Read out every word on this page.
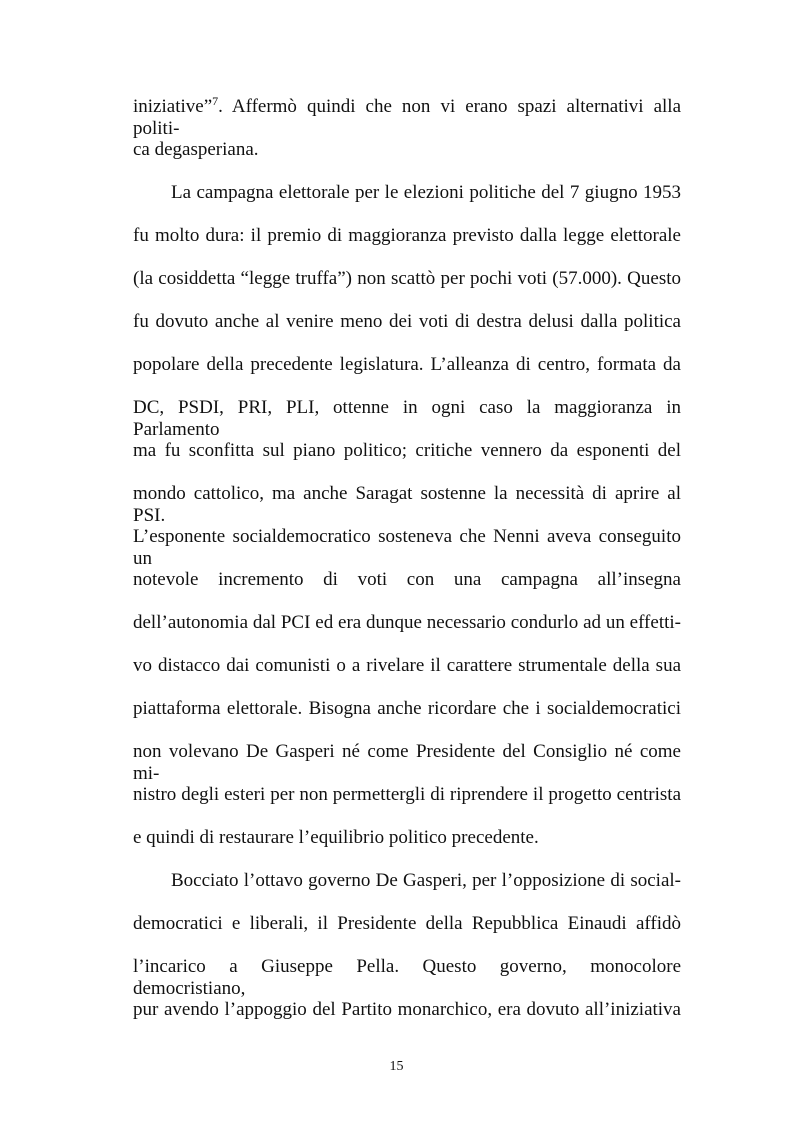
iniziative”$^7$. Affermò quindi che non vi erano spazi alternativi alla politi-
ca degasperiana.
La campagna elettorale per le elezioni politiche del 7 giugno 1953
fu molto dura: il premio di maggioranza previsto dalla legge elettorale
(la cosiddetta “legge truffa”) non scattò per pochi voti (57.000). Questo
fu dovuto anche al venire meno dei voti di destra delusi dalla politica
popolare della precedente legislatura. L’alleanza di centro, formata da
DC, PSDI, PRI, PLI, ottenne in ogni caso la maggioranza in Parlamento
ma fu sconfitta sul piano politico; critiche vennero da esponenti del
mondo cattolico, ma anche Saragat sostenne la necessità di aprire al PSI.
L’esponente socialdemocratico sosteneva che Nenni aveva conseguito un
notevole incremento di voti con una campagna all’insegna
dell’autonomia dal PCI ed era dunque necessario condurlo ad un effetti-
vo distacco dai comunisti o a rivelare il carattere strumentale della sua
piattaforma elettorale. Bisogna anche ricordare che i socialdemocratici
non volevano De Gasperi né come Presidente del Consiglio né come mi-
nistro degli esteri per non permettergli di riprendere il progetto centrista
e quindi di restaurare l’equilibrio politico precedente.
Bocciato l’ottavo governo De Gasperi, per l’opposizione di social-
democratici e liberali, il Presidente della Repubblica Einaudi affidò
l’incarico a Giuseppe Pella. Questo governo, monocolore democristiano,
pur avendo l’appoggio del Partito monarchico, era dovuto all’iniziativa
15
